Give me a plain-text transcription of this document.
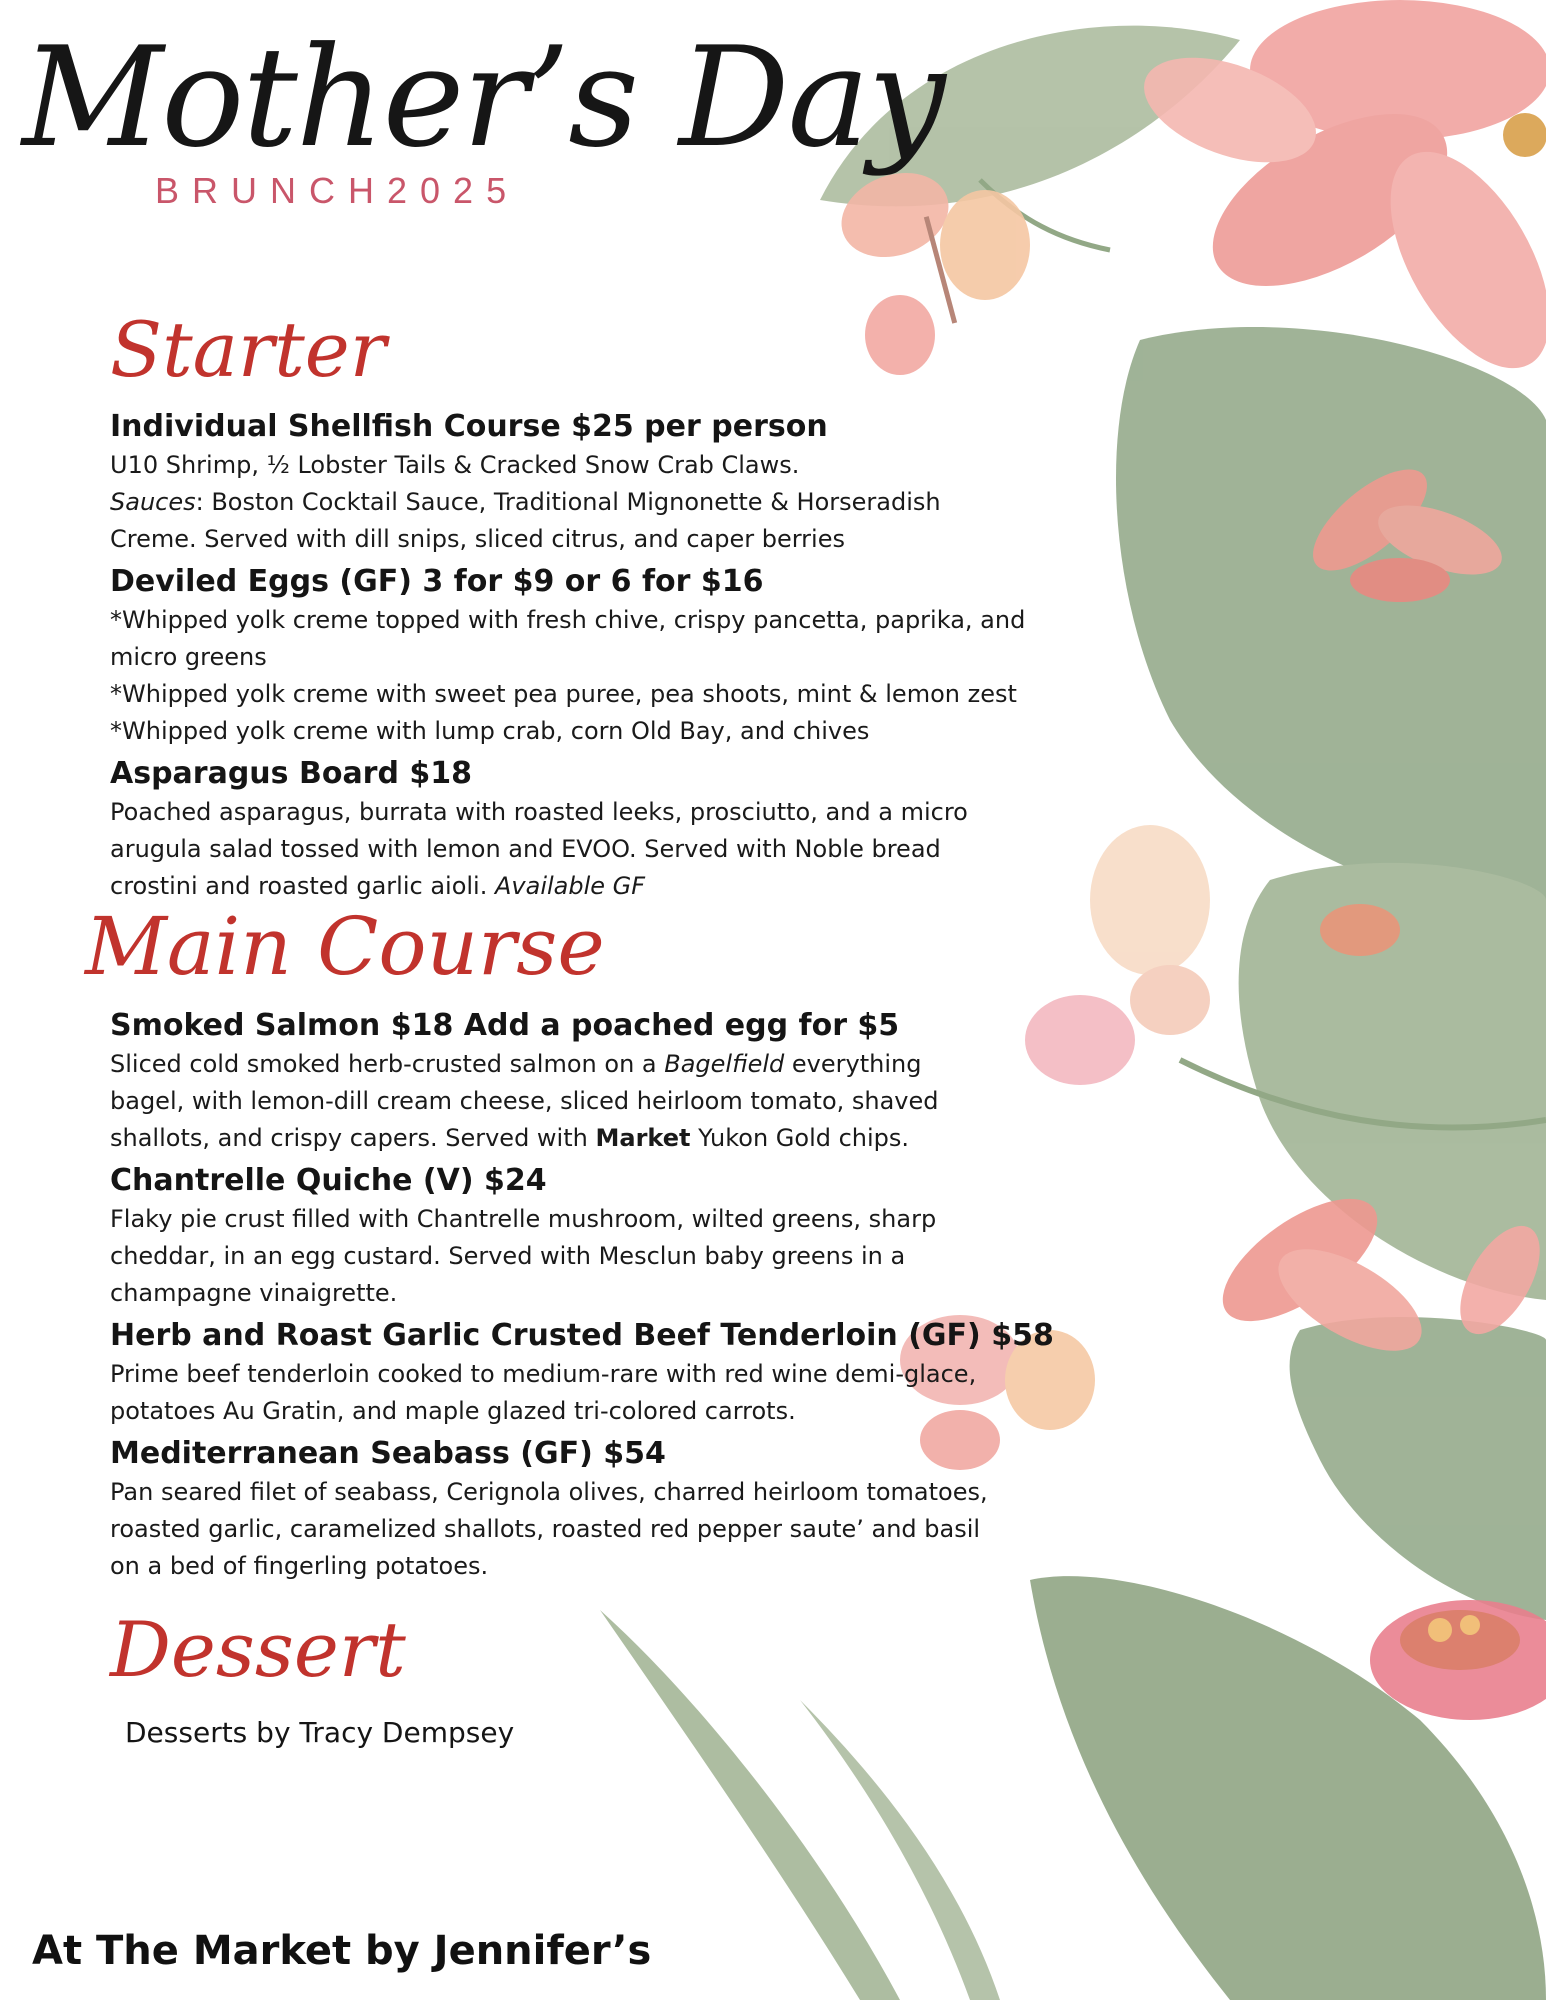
Mother’s Day
BRUNCH2025
Starter

Individual Shellfish Course $25 per person

U10 Shrimp, ½ Lobster Tails & Cracked Snow Crab Claws.

Sauces: Boston Cocktail Sauce, Traditional Mignonette & Horseradish

Creme. Served with dill snips, sliced citrus, and caper berries

Deviled Eggs (GF) 3 for $9 or 6 for $16

*Whipped yolk creme topped with fresh chive, crispy pancetta, paprika, and

micro greens

*Whipped yolk creme with sweet pea puree, pea shoots, mint & lemon zest

*Whipped yolk creme with lump crab, corn Old Bay, and chives

Asparagus Board $18

Poached asparagus, burrata with roasted leeks, prosciutto, and a micro

arugula salad tossed with lemon and EVOO. Served with Noble bread

crostini and roasted garlic aioli. Available GF

Main Course

Smoked Salmon $18 Add a poached egg for $5

Sliced cold smoked herb-crusted salmon on a Bagelfield everything

bagel, with lemon-dill cream cheese, sliced heirloom tomato, shaved

shallots, and crispy capers. Served with Market Yukon Gold chips.

Chantrelle Quiche (V) $24

Flaky pie crust filled with Chantrelle mushroom, wilted greens, sharp

cheddar, in an egg custard. Served with Mesclun baby greens in a

champagne vinaigrette.

Herb and Roast Garlic Crusted Beef Tenderloin (GF) $58

Prime beef tenderloin cooked to medium-rare with red wine demi-glace,

potatoes Au Gratin, and maple glazed tri-colored carrots.

Mediterranean Seabass (GF) $54

Pan seared filet of seabass, Cerignola olives, charred heirloom tomatoes,

roasted garlic, caramelized shallots, roasted red pepper saute’ and basil

on a bed of fingerling potatoes.

Dessert
Desserts by Tracy Dempsey
At The Market by Jennifer’s
